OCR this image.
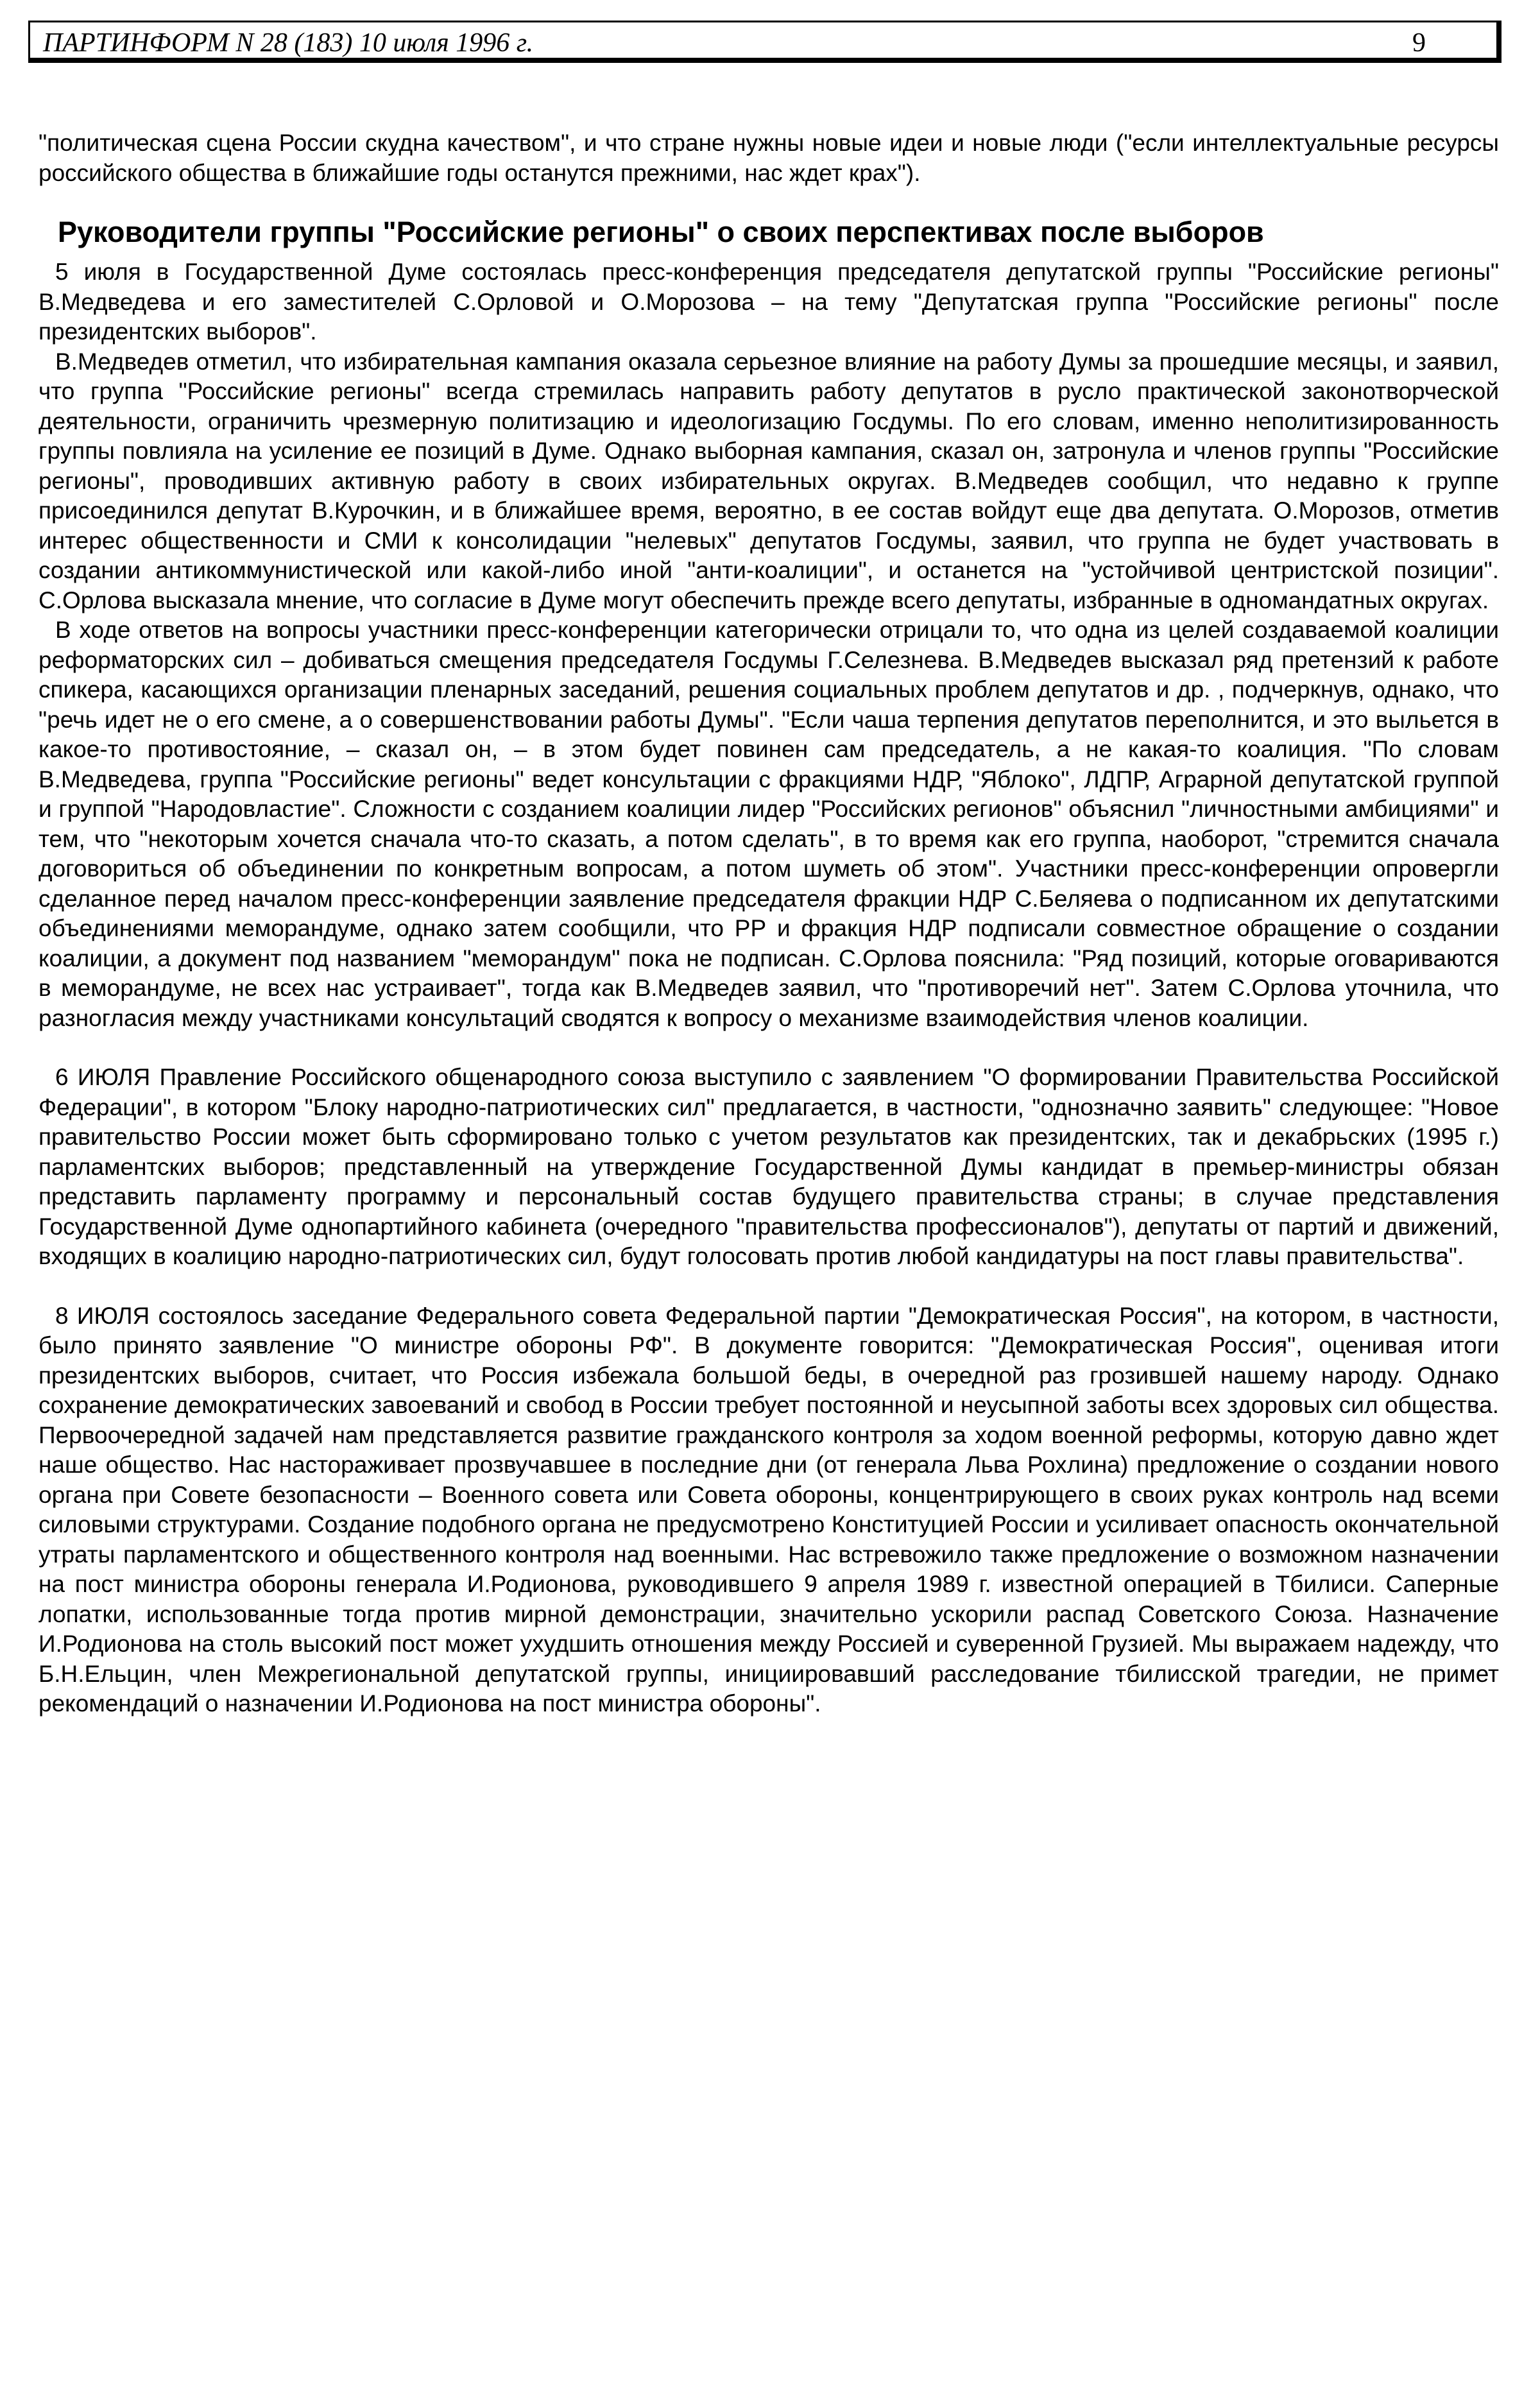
ПАРТИНФОРМ N 28 (183) 10 июля 1996 г.	9

"политическая сцена России скудна качеством", и что стране нужны новые идеи и новые люди ("если интеллектуальные ресурсы российского общества в ближайшие годы останутся прежними, нас ждет крах").

Руководители группы "Российские регионы" о своих перспективах после выборов

5 июля в Государственной Думе состоялась пресс-конференция председателя депутатской группы "Российские регионы" В.Медведева и его заместителей С.Орловой и О.Морозова – на тему "Депутатская группа "Российские регионы" после президентских выборов".

В.Медведев отметил, что избирательная кампания оказала серьезное влияние на работу Думы за прошедшие месяцы, и заявил, что группа "Российские регионы" всегда стремилась направить работу депутатов в русло практической законотворческой деятельности, ограничить чрезмерную политизацию и идеологизацию Госдумы. По его словам, именно неполитизированность группы повлияла на усиление ее позиций в Думе. Однако выборная кампания, сказал он, затронула и членов группы "Российские регионы", проводивших активную работу в своих избирательных округах. В.Медведев сообщил, что недавно к группе присоединился депутат В.Курочкин, и в ближайшее время, вероятно, в ее состав войдут еще два депутата. О.Морозов, отметив интерес общественности и СМИ к консолидации "нелевых" депутатов Госдумы, заявил, что группа не будет участвовать в создании антикоммунистической или какой-либо иной "анти-коалиции", и останется на "устойчивой центристской позиции". С.Орлова высказала мнение, что согласие в Думе могут обеспечить прежде всего депутаты, избранные в одномандатных округах.

В ходе ответов на вопросы участники пресс-конференции категорически отрицали то, что одна из целей создаваемой коалиции реформаторских сил – добиваться смещения председателя Госдумы Г.Селезнева. В.Медведев высказал ряд претензий к работе спикера, касающихся организации пленарных заседаний, решения социальных проблем депутатов и др. , подчеркнув, однако, что "речь идет не о его смене, а о совершенствовании работы Думы". "Если чаша терпения депутатов переполнится, и это выльется в какое-то противостояние, – сказал он, – в этом будет повинен сам председатель, а не какая-то коалиция. "По словам В.Медведева, группа "Российские регионы" ведет консультации с фракциями НДР, "Яблоко", ЛДПР, Аграрной депутатской группой и группой "Народовластие". Сложности с созданием коалиции лидер "Российских регионов" объяснил "личностными амбициями" и тем, что "некоторым хочется сначала что-то сказать, а потом сделать", в то время как его группа, наоборот, "стремится сначала договориться об объединении по конкретным вопросам, а потом шуметь об этом". Участники пресс-конференции опровергли сделанное перед началом пресс-конференции заявление председателя фракции НДР С.Беляева о подписанном их депутатскими объединениями меморандуме, однако затем сообщили, что РР и фракция НДР подписали совместное обращение о создании коалиции, а документ под названием "меморандум" пока не подписан. С.Орлова пояснила: "Ряд позиций, которые оговариваются в меморандуме, не всех нас устраивает", тогда как В.Медведев заявил, что "противоречий нет". Затем С.Орлова уточнила, что разногласия между участниками консультаций сводятся к вопросу о механизме взаимодействия членов коалиции.

6 ИЮЛЯ Правление Российского общенародного союза выступило с заявлением "О формировании Правительства Российской Федерации", в котором "Блоку народно-патриотических сил" предлагается, в частности, "однозначно заявить" следующее: "Новое правительство России может быть сформировано только с учетом результатов как президентских, так и декабрьских (1995 г.) парламентских выборов; представленный на утверждение Государственной Думы кандидат в премьер-министры обязан представить парламенту программу и персональный состав будущего правительства страны; в случае представления Государственной Думе однопартийного кабинета (очередного "правительства профессионалов"), депутаты от партий и движений, входящих в коалицию народно-патриотических сил, будут голосовать против любой кандидатуры на пост главы правительства".

8 ИЮЛЯ состоялось заседание Федерального совета Федеральной партии "Демократическая Россия", на котором, в частности, было принято заявление "О министре обороны РФ". В документе говорится: "Демократическая Россия", оценивая итоги президентских выборов, считает, что Россия избежала большой беды, в очередной раз грозившей нашему народу. Однако сохранение демократических завоеваний и свобод в России требует постоянной и неусыпной заботы всех здоровых сил общества. Первоочередной задачей нам представляется развитие гражданского контроля за ходом военной реформы, которую давно ждет наше общество. Нас настораживает прозвучавшее в последние дни (от генерала Льва Рохлина) предложение о создании нового органа при Совете безопасности – Военного совета или Совета обороны, концентрирующего в своих руках контроль над всеми силовыми структурами. Создание подобного органа не предусмотрено Конституцией России и усиливает опасность окончательной утраты парламентского и общественного контроля над военными. Нас встревожило также предложение о возможном назначении на пост министра обороны генерала И.Родионова, руководившего 9 апреля 1989 г. известной операцией в Тбилиси. Саперные лопатки, использованные тогда против мирной демонстрации, значительно ускорили распад Советского Союза. Назначение И.Родионова на столь высокий пост может ухудшить отношения между Россией и суверенной Грузией. Мы выражаем надежду, что Б.Н.Ельцин, член Межрегиональной депутатской группы, инициировавший расследование тбилисской трагедии, не примет рекомендаций о назначении И.Родионова на пост министра обороны".
